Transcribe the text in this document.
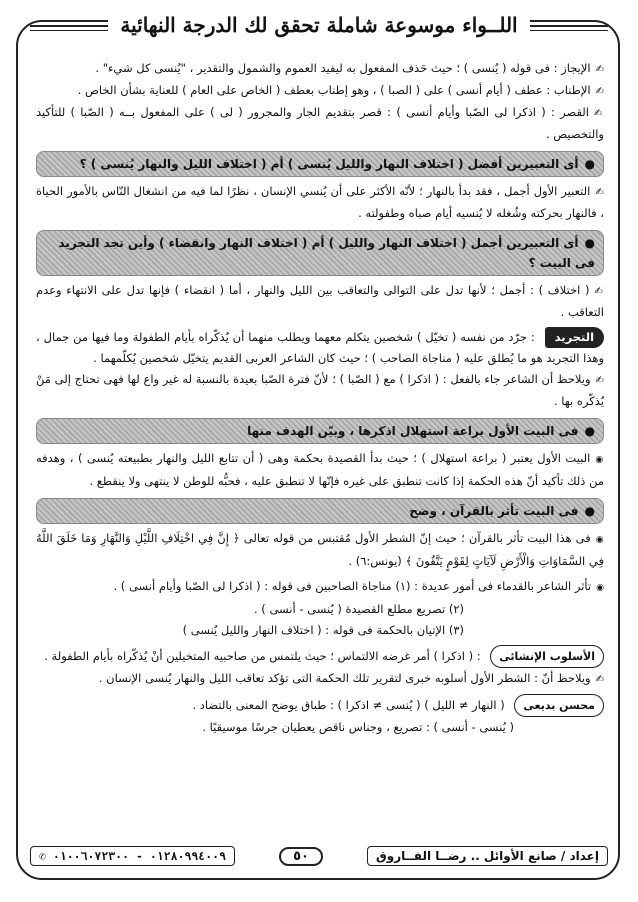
اللــواء موسوعة شاملة تحقق لك الدرجة النهائية

✍ الإيجاز : فى قوله ( يُنسى ) ؛ حيث حَذف المفعول به ليفيد العموم والشمول والتقدير ، "يُنسى كل شيء" .

✍ الإطناب : عطف ( أيام أنسى ) على ( الصبا ) ، وهو إطناب بعطف ( الخاص على العام ) للعناية بشأن الخاص .

✍ القصر : ( اذكرا لى الصّبا وأيام أنسى ) : قصر بتقديم الجار والمجرور ( لى ) على المفعول بــه ( الصّبا ) للتأكيد والتخصيص .

● أى التعبيرين أفضل ( اختلاف النهار والليل يُنسى ) أم ( اختلاف الليل والنهار يُنسى ) ؟

✍ التعبير الأول أجمل ، فقد بدأ بالنهار ؛ لأنّه الأكثر على أن يُنسي الإنسان ، نظرًا لما فيه من انشغال النّاس بالأمور الحياة ، فالنهار بحركته وشُغله لا يُنسيه أيام صباه وطفولته .

● أى التعبيرين أجمل ( اختلاف النهار والليل ) أم ( اختلاف النهار وانقضاء ) وأين تجد التجريد فى البيت ؟

✍ ( اختلاف ) : أجمل ؛ لأنها تدل على التوالى والتعاقب بين الليل والنهار ، أما ( انقضاء ) فإنها تدل على الانتهاء وعدم التعاقب .

التجريد : جرّد من نفسه ( تخيّل ) شخصين يتكلم معهما ويطلب منهما أن يُذكّراه بأيام الطفولة وما فيها من جمال ، وهذا التجريد هو ما يُطلق عليه ( مناجاة الصاحب ) ؛ حيث كان الشاعر العربى القديم يتخيّل شخصين يُكلّمهما .

✍ ويلاحظ أن الشاعر جاء بالفعل : ( اذكرا ) مع ( الصّبا ) ؛ لأنّ فترة الصّبا بعيدة بالنسبة له غير واع لها فهى تحتاج إلى مَنْ يُذكّره بها .

● فى البيت الأول براعة استهلال اذكرها ، وبيّن الهدف منها

◉ البيت الأول يعتبر ( براعة استهلال ) ؛ حيث بدأ القصيدة بحكمة وهى ( أن تتابع الليل والنهار بطبيعته يُنسى ) ، وهدفه من ذلك تأكيد أنّ هذه الحكمة إذا كانت تنطبق على غيره فإنّها لا تنطبق عليه ، فحبُّه للوطن لا ينتهى ولا ينقطع .

● فى البيت تأثر بالقرآن ، وضح

◉ فى هذا البيت تأثر بالقرآن ؛ حيث إنّ الشطر الأول مُقتبس من قوله تعالى ﴿ إِنَّ فِي اخْتِلَافِ اللَّيْلِ وَالنَّهَارِ وَمَا خَلَقَ اللَّهُ فِي السَّمَاوَاتِ وَالْأَرْضِ لَآيَاتٍ لِقَوْمٍ يَتَّقُونَ ﴾ (يونس:٦) .

◉ تأثر الشاعر بالقدماء فى أمور عديدة : (١) مناجاة الصاحبين فى قوله : ( اذكرا لى الصّبا وأيام أنسى ) .

(٢) تصريع مطلع القصيدة ( يُنسى - أنسى ) .

(٣) الإتيان بالحكمة فى قوله : ( اختلاف النهار والليل يُنسى )

الأسلوب الإنشائى : ( اذكرا ) أمر غرضه الالتماس ؛ حيث يلتمس من صاحبيه المتخيلين أنْ يُذكّراه بأيام الطفولة .

✍ ويلاحظ أنّ : الشطر الأول أسلوبه خبرى لتقرير تلك الحكمة التى تؤكد تعاقب الليل والنهار يُنسى الإنسان .

محسن بديعى ( النهار ≠ الليل ) ( يُنسى ≠ اذكرا ) : طباق يوضح المعنى بالتضاد .

( يُنسى - أنسى ) : تصريع ، وجناس ناقص يعطيان جرسًا موسيقيًا .

إعداد / صانع الأوائل .. رضــا الفــاروق
٥٠
٠١٢٨٠٩٩٤٠٠٩ - ٠١٠٠٦٠٧٢٣٠٠ ✆
